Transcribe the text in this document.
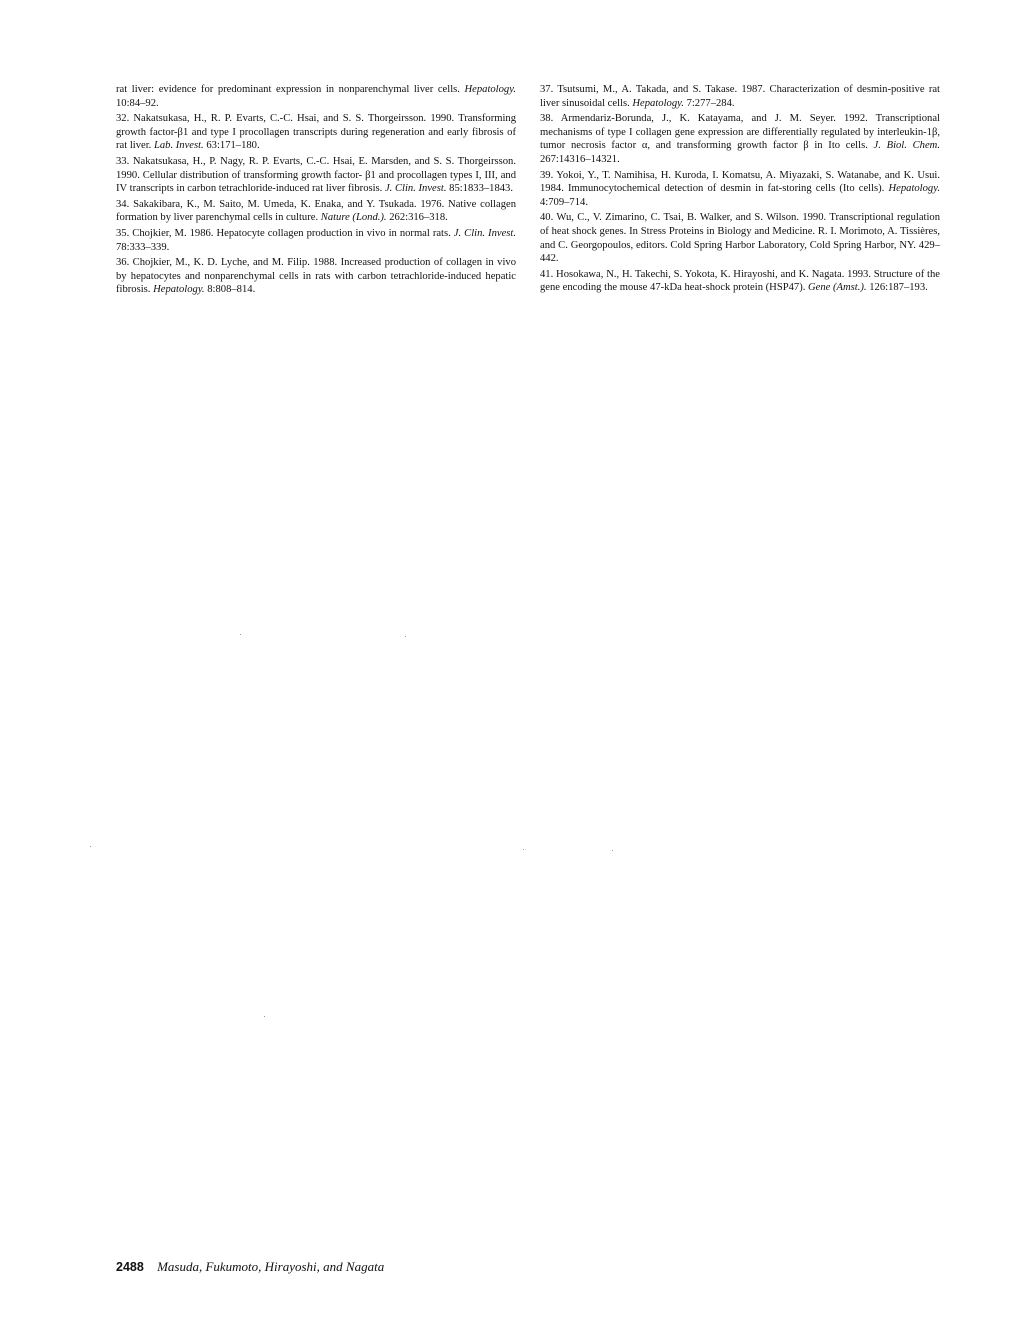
rat liver: evidence for predominant expression in nonparenchymal liver cells. Hepatology. 10:84–92.

32. Nakatsukasa, H., R. P. Evarts, C.-C. Hsai, and S. S. Thorgeirsson. 1990. Transforming growth factor-β1 and type I procollagen transcripts during regeneration and early fibrosis of rat liver. Lab. Invest. 63:171–180.

33. Nakatsukasa, H., P. Nagy, R. P. Evarts, C.-C. Hsai, E. Marsden, and S. S. Thorgeirsson. 1990. Cellular distribution of transforming growth factor- β1 and procollagen types I, III, and IV transcripts in carbon tetrachloride-induced rat liver fibrosis. J. Clin. Invest. 85:1833–1843.

34. Sakakibara, K., M. Saito, M. Umeda, K. Enaka, and Y. Tsukada. 1976. Native collagen formation by liver parenchymal cells in culture. Nature (Lond.). 262:316–318.

35. Chojkier, M. 1986. Hepatocyte collagen production in vivo in normal rats. J. Clin. Invest. 78:333–339.

36. Chojkier, M., K. D. Lyche, and M. Filip. 1988. Increased production of collagen in vivo by hepatocytes and nonparenchymal cells in rats with carbon tetrachloride-induced hepatic fibrosis. Hepatology. 8:808–814.

37. Tsutsumi, M., A. Takada, and S. Takase. 1987. Characterization of desmin-positive rat liver sinusoidal cells. Hepatology. 7:277–284.

38. Armendariz-Borunda, J., K. Katayama, and J. M. Seyer. 1992. Transcriptional mechanisms of type I collagen gene expression are differentially regulated by interleukin-1β, tumor necrosis factor α, and transforming growth factor β in Ito cells. J. Biol. Chem. 267:14316–14321.

39. Yokoi, Y., T. Namihisa, H. Kuroda, I. Komatsu, A. Miyazaki, S. Watanabe, and K. Usui. 1984. Immunocytochemical detection of desmin in fat-storing cells (Ito cells). Hepatology. 4:709–714.

40. Wu, C., V. Zimarino, C. Tsai, B. Walker, and S. Wilson. 1990. Transcriptional regulation of heat shock genes. In Stress Proteins in Biology and Medicine. R. I. Morimoto, A. Tissières, and C. Georgopoulos, editors. Cold Spring Harbor Laboratory, Cold Spring Harbor, NY. 429–442.

41. Hosokawa, N., H. Takechi, S. Yokota, K. Hirayoshi, and K. Nagata. 1993. Structure of the gene encoding the mouse 47-kDa heat-shock protein (HSP47). Gene (Amst.). 126:187–193.

2488 Masuda, Fukumoto, Hirayoshi, and Nagata
